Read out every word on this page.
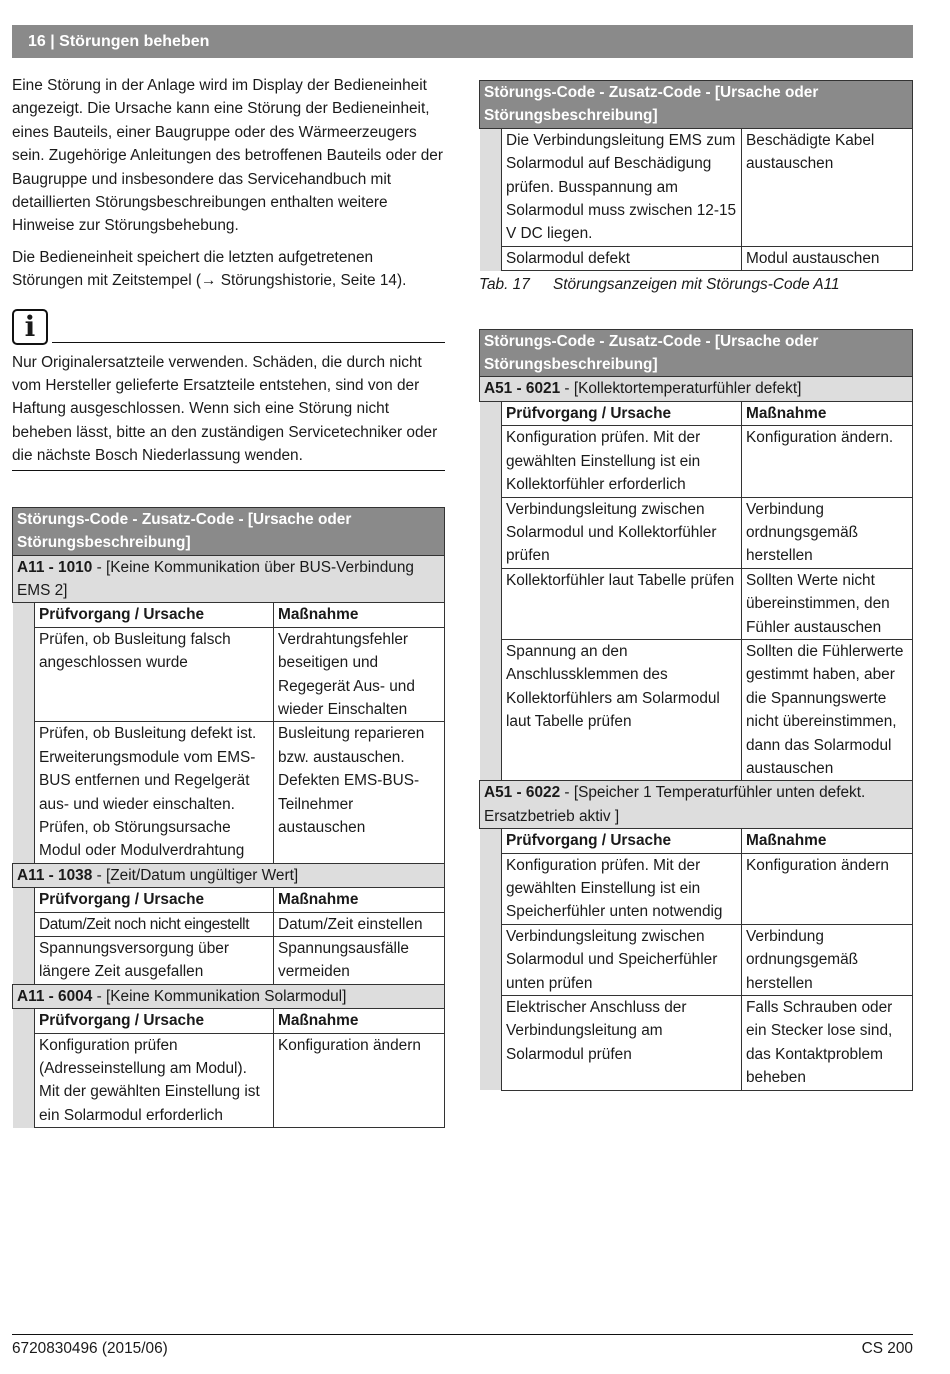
16 | Störungen beheben

Eine Störung in der Anlage wird im Display der Bedieneinheit angezeigt. Die Ursache kann eine Störung der Bedieneinheit, eines Bauteils, einer Baugruppe oder des Wärmeerzeugers sein. Zugehörige Anleitungen des betroffenen Bauteils oder der Baugruppe und insbesondere das Servicehandbuch mit detaillierten Störungsbeschreibungen enthalten weitere Hinweise zur Störungsbehebung.

Die Bedieneinheit speichert die letzten aufgetretenen Störungen mit Zeitstempel (→ Störungshistorie, Seite 14).

i
Nur Originalersatzteile verwenden. Schäden, die durch nicht vom Hersteller gelieferte Ersatzteile entstehen, sind von der Haftung ausgeschlossen. Wenn sich eine Störung nicht beheben lässt, bitte an den zuständigen Servicetechniker oder die nächste Bosch Niederlassung wenden.
Störungs-Code - Zusatz-Code - [Ursache oder Störungsbeschreibung]		
A11 - 1010 - [Keine Kommunikation über BUS-Verbindung EMS 2]		
	Prüfvorgang / Ursache	Maßnahme
	Prüfen, ob Busleitung falsch angeschlossen wurde	Verdrahtungsfehler beseitigen und Regegerät Aus- und wieder Einschalten
	Prüfen, ob Busleitung defekt ist. Erweiterungsmodule vom EMS-BUS entfernen und Regelgerät aus- und wieder einschalten. Prüfen, ob Störungsursache Modul oder Modulverdrahtung	Busleitung reparieren bzw. austauschen. Defekten EMS-BUS-Teilnehmer austauschen
A11 - 1038 - [Zeit/Datum ungültiger Wert]		
	Prüfvorgang / Ursache	Maßnahme
	Datum/Zeit noch nicht eingestellt	Datum/Zeit einstellen
	Spannungsversorgung über längere Zeit ausgefallen	Spannungsausfälle vermeiden
A11 - 6004 - [Keine Kommunikation Solarmodul]		
	Prüfvorgang / Ursache	Maßnahme
	Konfiguration prüfen (Adresseinstellung am Modul). Mit der gewählten Einstellung ist ein Solarmodul erforderlich	Konfiguration ändern
Störungs-Code - Zusatz-Code - [Ursache oder Störungsbeschreibung]		
	Die Verbindungsleitung EMS zum Solarmodul auf Beschädigung prüfen. Busspannung am Solarmodul muss zwischen 12-15 V DC liegen.	Beschädigte Kabel austauschen
	Solarmodul defekt	Modul austauschen
Tab. 17 Störungsanzeigen mit Störungs-Code A11
Störungs-Code - Zusatz-Code - [Ursache oder Störungsbeschreibung]		
A51 - 6021 - [Kollektortemperaturfühler defekt]		
	Prüfvorgang / Ursache	Maßnahme
	Konfiguration prüfen. Mit der gewählten Einstellung ist ein Kollektorfühler erforderlich	Konfiguration ändern.
	Verbindungsleitung zwischen Solarmodul und Kollektorfühler prüfen	Verbindung ordnungsgemäß herstellen
	Kollektorfühler laut Tabelle prüfen	Sollten Werte nicht übereinstimmen, den Fühler austauschen
	Spannung an den Anschlussklemmen des Kollektorfühlers am Solarmodul laut Tabelle prüfen	Sollten die Fühlerwerte gestimmt haben, aber die Spannungswerte nicht übereinstimmen, dann das Solarmodul austauschen
A51 - 6022 - [Speicher 1 Temperaturfühler unten defekt. Ersatzbetrieb aktiv ]		
	Prüfvorgang / Ursache	Maßnahme
	Konfiguration prüfen. Mit der gewählten Einstellung ist ein Speicherfühler unten notwendig	Konfiguration ändern
	Verbindungsleitung zwischen Solarmodul und Speicherfühler unten prüfen	Verbindung ordnungsgemäß herstellen
	Elektrischer Anschluss der Verbindungsleitung am Solarmodul prüfen	Falls Schrauben oder ein Stecker lose sind, das Kontaktproblem beheben
6720830496 (2015/06)	CS 200
